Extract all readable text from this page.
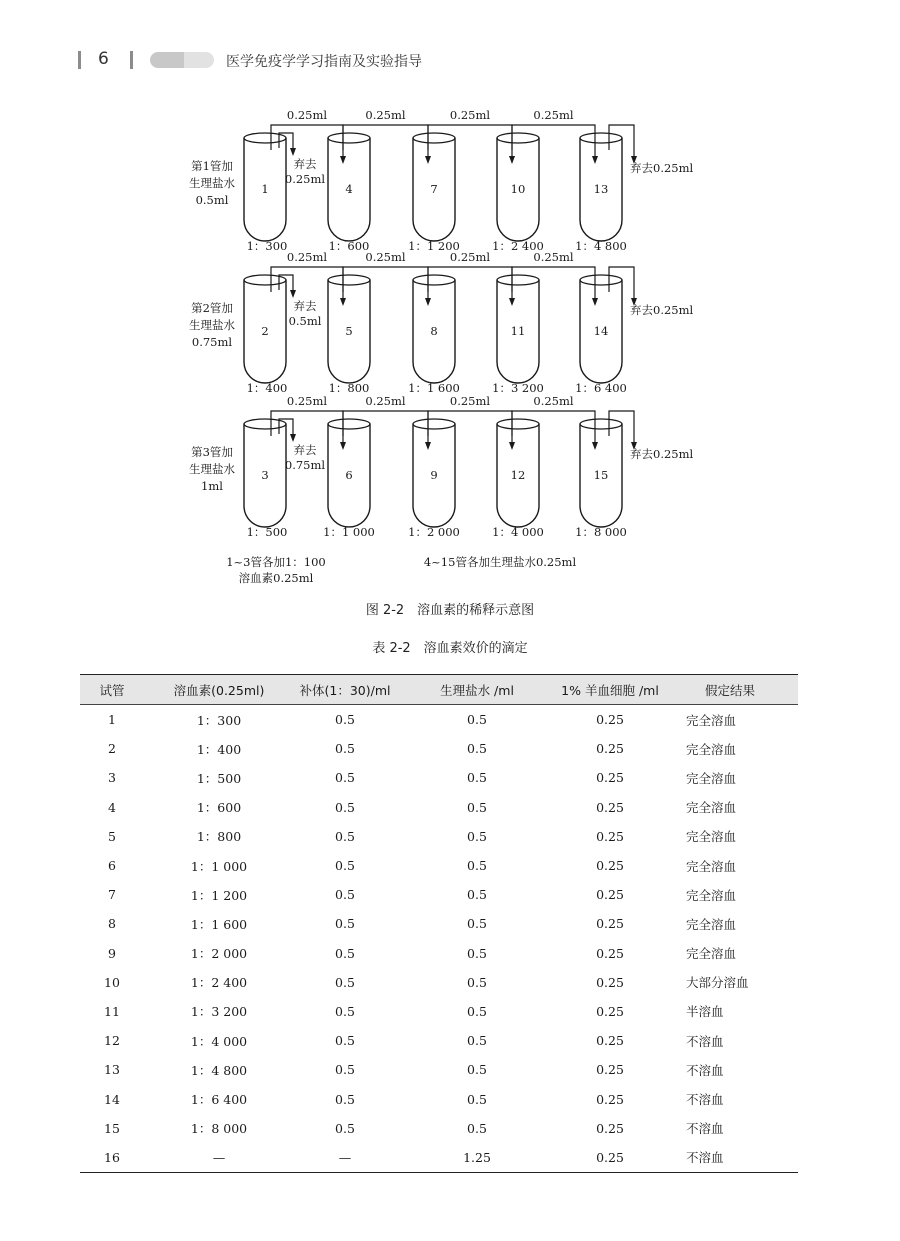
6	医学免疫学学习指南及实验指导
1
1：300
4
1：600
7
1：1 200
10
1：2 400
13
1：4 800
0.25ml	0.25ml	0.25ml	0.25ml
弃去
0.25ml
弃去0.25ml
第1管加
生理盐水
0.5ml
2
1：400
5
1：800
8
1：1 600
11
1：3 200
14
1：6 400
0.25ml	0.25ml	0.25ml	0.25ml
弃去
0.5ml
弃去0.25ml
第2管加
生理盐水
0.75ml
3
1：500
6
1：1 000
9
1：2 000
12
1：4 000
15
1：8 000
0.25ml	0.25ml	0.25ml	0.25ml
弃去
0.75ml
弃去0.25ml
第3管加
生理盐水
1ml
1~3管各加1：100
溶血素0.25ml
4~15管各加生理盐水0.25ml
图 2-2　溶血素的稀释示意图
表 2-2　溶血素效价的滴定
试管	溶血素(0.25ml)	补体(1：30)/ml	生理盐水 /ml	1% 羊血细胞 /ml	假定结果
1	1：300	0.5	0.5	0.25	完全溶血
2	1：400	0.5	0.5	0.25	完全溶血
3	1：500	0.5	0.5	0.25	完全溶血
4	1：600	0.5	0.5	0.25	完全溶血
5	1：800	0.5	0.5	0.25	完全溶血
6	1：1 000	0.5	0.5	0.25	完全溶血
7	1：1 200	0.5	0.5	0.25	完全溶血
8	1：1 600	0.5	0.5	0.25	完全溶血
9	1：2 000	0.5	0.5	0.25	完全溶血
10	1：2 400	0.5	0.5	0.25	大部分溶血
11	1：3 200	0.5	0.5	0.25	半溶血
12	1：4 000	0.5	0.5	0.25	不溶血
13	1：4 800	0.5	0.5	0.25	不溶血
14	1：6 400	0.5	0.5	0.25	不溶血
15	1：8 000	0.5	0.5	0.25	不溶血
16	—	—	1.25	0.25	不溶血
